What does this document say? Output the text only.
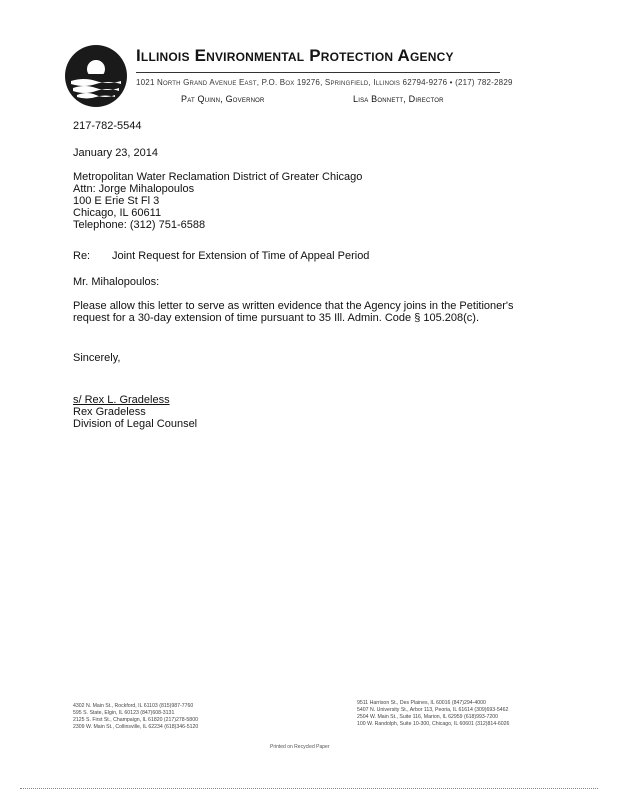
Illinois Environmental Protection Agency
1021 North Grand Avenue East, P.O. Box 19276, Springfield, Illinois 62794-9276 • (217) 782-2829
Pat Quinn, Governor	Lisa Bonnett, Director
217-782-5544
January 23, 2014
Metropolitan Water Reclamation District of Greater Chicago
Attn: Jorge Mihalopoulos
100 E Erie St Fl 3
Chicago, IL 60611
Telephone: (312) 751-6588
Re: Joint Request for Extension of Time of Appeal Period
Mr. Mihalopoulos:
Please allow this letter to serve as written evidence that the Agency joins in the Petitioner's
request for a 30-day extension of time pursuant to 35 Ill. Admin. Code § 105.208(c).
Sincerely,
s/ Rex L. Gradeless
Rex Gradeless
Division of Legal Counsel
4302 N. Main St., Rockford, IL 61103 (815)987-7760
595 S. State, Elgin, IL 60123 (847)608-3131
2125 S. First St., Champaign, IL 61820 (217)278-5800
2309 W. Main St., Collinsville, IL 62234 (618)346-5120
9511 Harrison St., Des Plaines, IL 60016 (847)294-4000
5407 N. University St., Arbor 113, Peoria, IL 61614 (309)693-5462
2504 W. Main St., Suite 116, Marion, IL 62959 (618)993-7200
100 W. Randolph, Suite 10-300, Chicago, IL 60601 (312)814-6026
Printed on Recycled Paper
